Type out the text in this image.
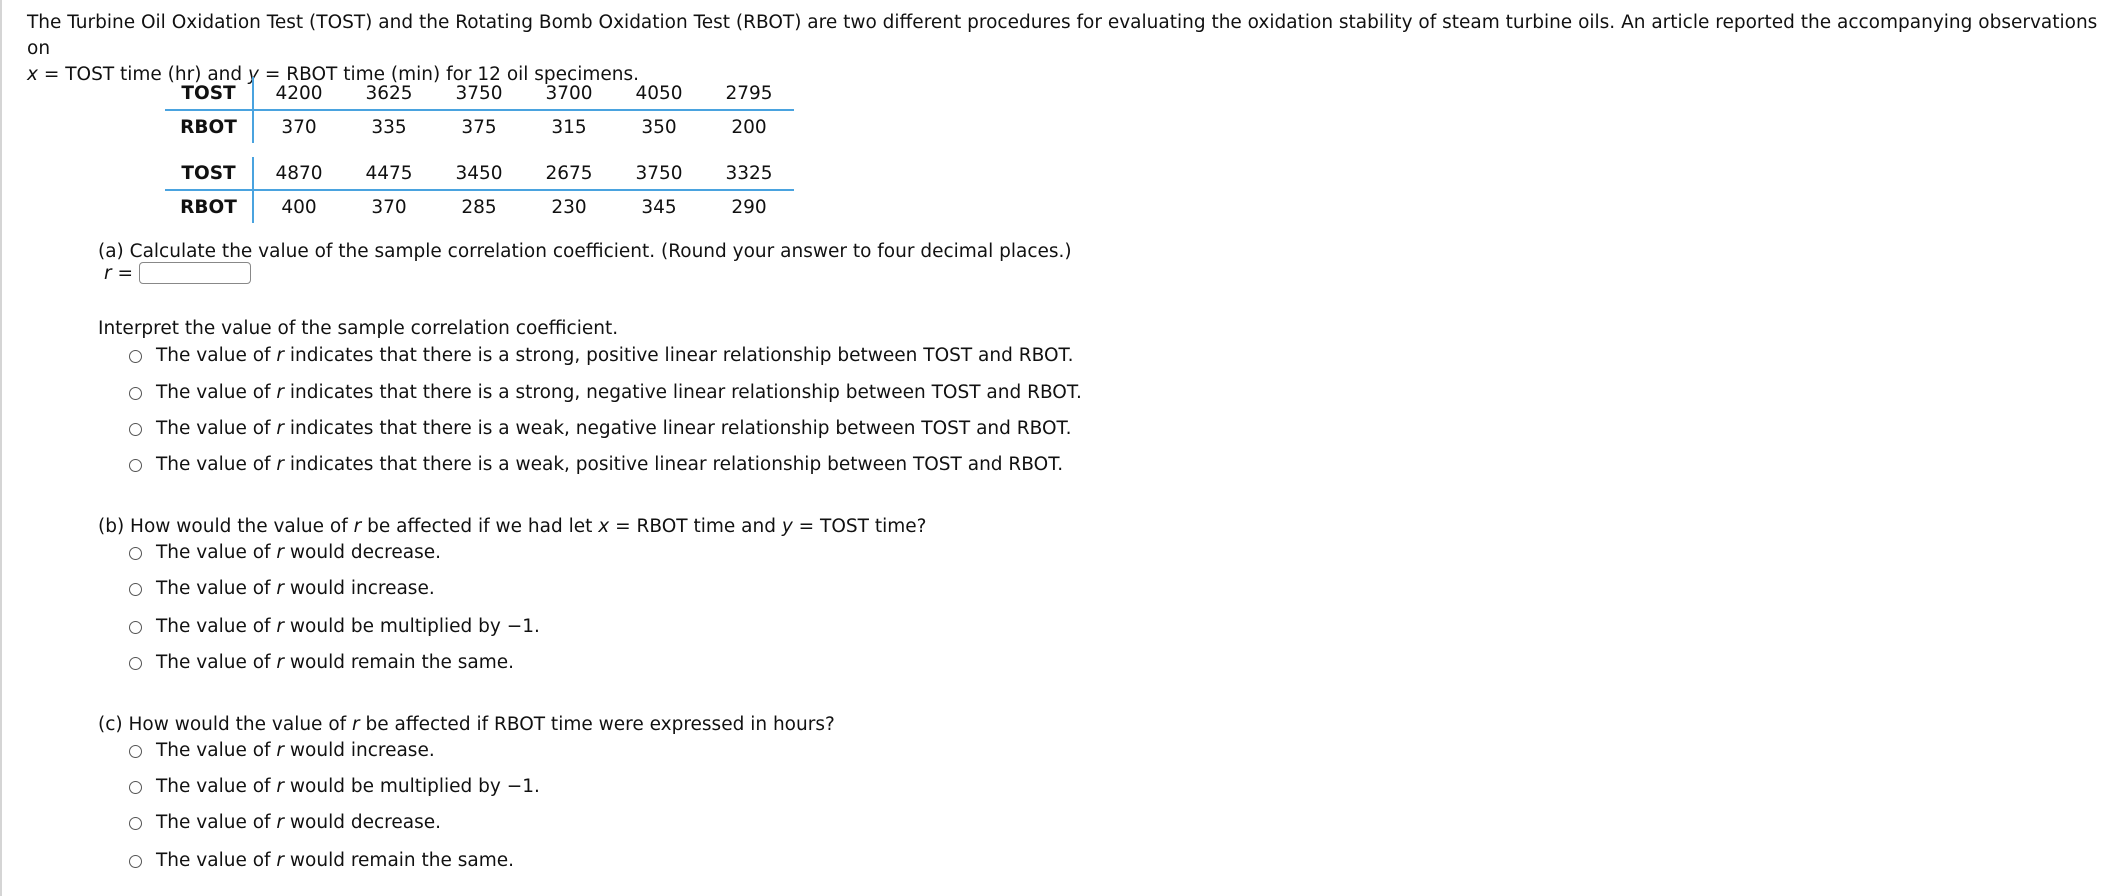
The Turbine Oil Oxidation Test (TOST) and the Rotating Bomb Oxidation Test (RBOT) are two different procedures for evaluating the oxidation stability of steam turbine oils. An article reported the accompanying observations on
x = TOST time (hr) and y = RBOT time (min) for 12 oil specimens.
TOST	4200	3625	3750	3700	4050	2795
RBOT	370	335	375	315	350	200
TOST	4870	4475	3450	2675	3750	3325
RBOT	400	370	285	230	345	290
(a) Calculate the value of the sample correlation coefficient. (Round your answer to four decimal places.)
r =
Interpret the value of the sample correlation coefficient.
The value of r indicates that there is a strong, positive linear relationship between TOST and RBOT.
The value of r indicates that there is a strong, negative linear relationship between TOST and RBOT.
The value of r indicates that there is a weak, negative linear relationship between TOST and RBOT.
The value of r indicates that there is a weak, positive linear relationship between TOST and RBOT.
(b) How would the value of r be affected if we had let x = RBOT time and y = TOST time?
The value of r would decrease.
The value of r would increase.
The value of r would be multiplied by −1.
The value of r would remain the same.
(c) How would the value of r be affected if RBOT time were expressed in hours?
The value of r would increase.
The value of r would be multiplied by −1.
The value of r would decrease.
The value of r would remain the same.
